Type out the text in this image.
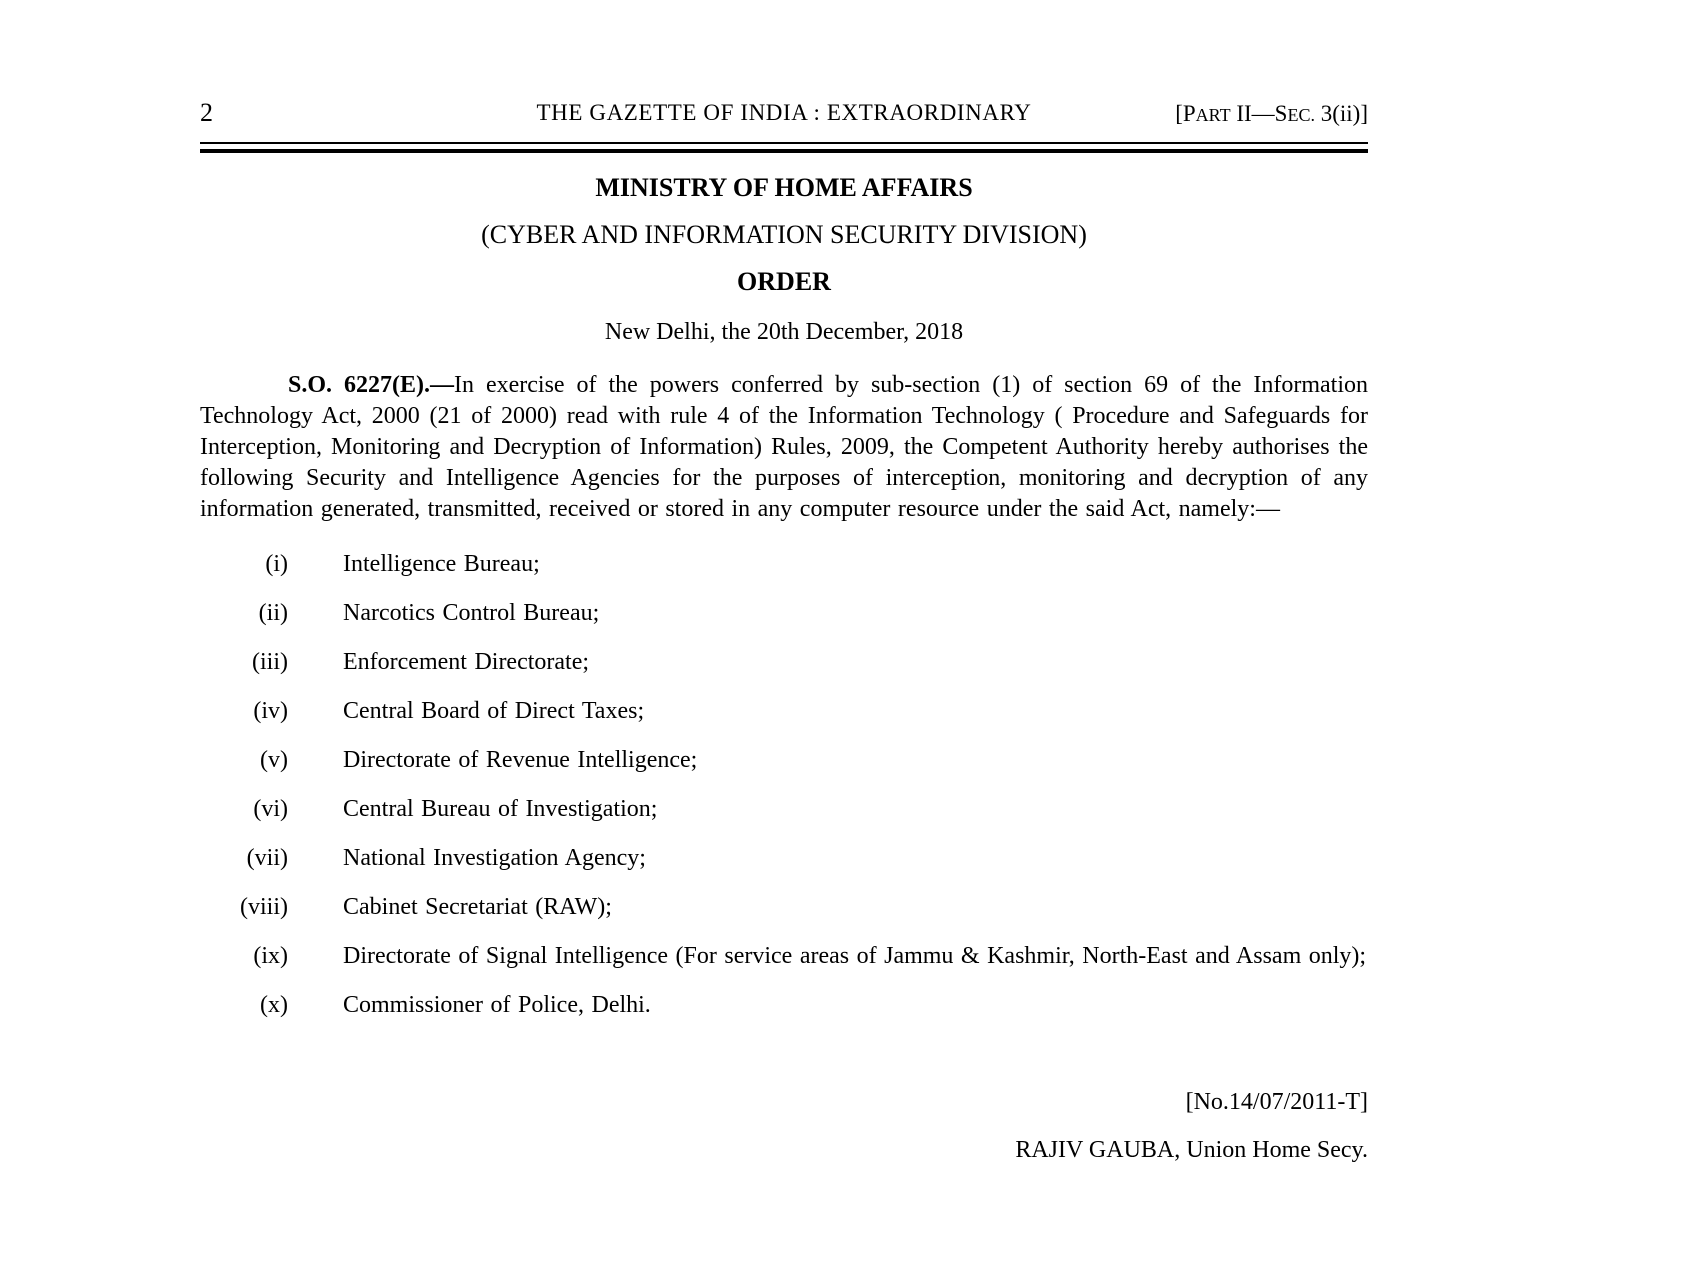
2	THE GAZETTE OF INDIA : EXTRAORDINARY	[PART II—SEC. 3(ii)]
MINISTRY OF HOME AFFAIRS
(CYBER AND INFORMATION SECURITY DIVISION)
ORDER
New Delhi, the 20th December, 2018

S.O. 6227(E).—In exercise of the powers conferred by sub-section (1) of section 69 of the Information Technology Act, 2000 (21 of 2000) read with rule 4 of the Information Technology ( Procedure and Safeguards for Interception, Monitoring and Decryption of Information) Rules, 2009, the Competent Authority hereby authorises the following Security and Intelligence Agencies for the purposes of interception, monitoring and decryption of any information generated, transmitted, received or stored in any computer resource under the said Act, namely:—

(i) Intelligence Bureau;
(ii) Narcotics Control Bureau;
(iii) Enforcement Directorate;
(iv) Central Board of Direct Taxes;
(v) Directorate of Revenue Intelligence;
(vi) Central Bureau of Investigation;
(vii) National Investigation Agency;
(viii) Cabinet Secretariat (RAW);
(ix) Directorate of Signal Intelligence (For service areas of Jammu & Kashmir, North-East and Assam only);
(x) Commissioner of Police, Delhi.
[No.14/07/2011-T]
RAJIV GAUBA, Union Home Secy.
